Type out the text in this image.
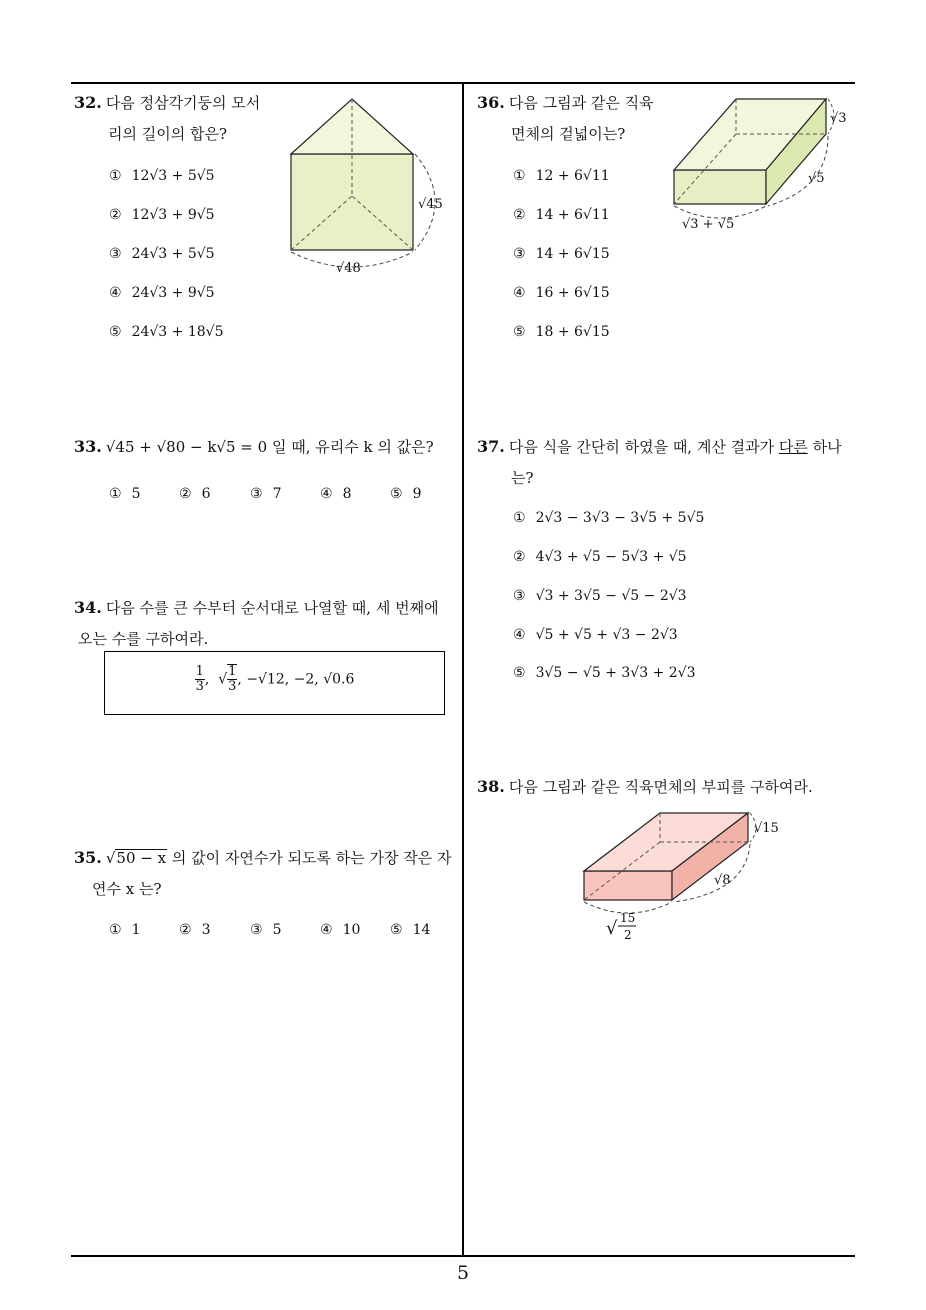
32. 다음 정삼각기둥의 모서
리의 길이의 합은?
① 12√3 + 5√5
② 12√3 + 9√5
③ 24√3 + 5√5
④ 24√3 + 9√5
⑤ 24√3 + 18√5
√45
√48
33. √45 + √80 − k√5 = 0 일 때, 유리수 k 의 값은?
① 5	② 6	③ 7	④ 8	⑤ 9
34. 다음 수를 큰 수부터 순서대로 나열할 때, 세 번째에
오는 수를 구하여라.
$\frac{1}{3}$ ,  √ $\frac{1}{3}$ , −√12, −2, √0.6
35. √50 − x 의 값이 자연수가 되도록 하는 가장 작은 자
연수 x 는?
① 1	② 3	③ 5	④ 10 ⑤ 14
36. 다음 그림과 같은 직육
면체의 겉넓이는?
① 12 + 6√11
② 14 + 6√11
③ 14 + 6√15
④ 16 + 6√15
⑤ 18 + 6√15
√3
√5
√3 + √5
37. 다음 식을 간단히 하였을 때, 계산 결과가 다른 하나
는?
① 2√3 − 3√3 − 3√5 + 5√5
② 4√3 + √5 − 5√3 + √5
③ √3 + 3√5 − √5 − 2√3
④ √5 + √5 + √3 − 2√3
⑤ 3√5 − √5 + 3√3 + 2√3
38. 다음 그림과 같은 직육면체의 부피를 구하여라.
√15
√8
√ 15
2
5
